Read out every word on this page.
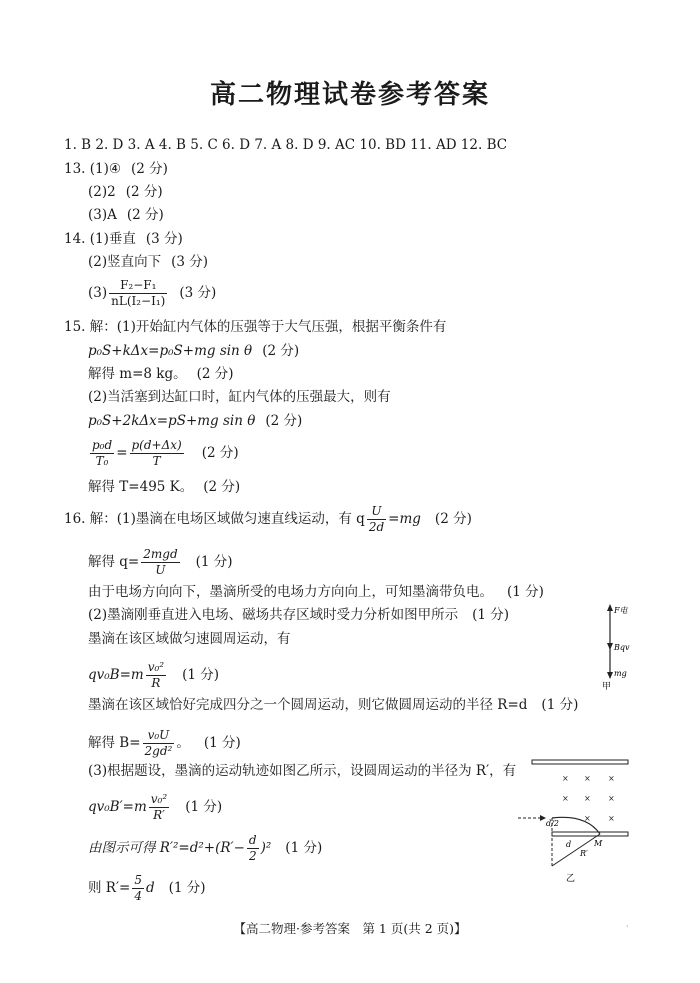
高二物理试卷参考答案
1. B 2. D 3. A 4. B 5. C 6. D 7. A 8. D 9. AC 10. BD 11. AD 12. BC
13. (1)④ (2 分)
(2)2 (2 分)
(3)A (2 分)
14. (1)垂直 (3 分)
(2)竖直向下 (3 分)
$(3) \frac{\text{F₂−F₁}}{\text{nL(I₂−I₁)}} (3$ 分)
15. 解：(1)开始缸内气体的压强等于大气压强，根据平衡条件有
p₀S+kΔx=p₀S+mg sin θ (2 分)
解得 m=8 kg。 (2 分)
(2)当活塞到达缸口时，缸内气体的压强最大，则有
p₀S+2kΔx=pS+mg sin θ (2 分)
$\frac{\text{p₀d}}{\text{T₀}} = \frac{p(d+\Delta x)}{T} (2$ 分)
解得 T=495 K。 (2 分)
16. 解：(1)墨滴在电场区域做匀速直线运动，有 q $\frac{U}{2d} =mg$ (2 分)
解得 $q= \frac{\text{2mgd}}{U} (1$ 分)
由于电场方向向下，墨滴所受的电场力方向向上，可知墨滴带负电。 (1 分)
(2)墨滴刚垂直进入电场、磁场共存区域时受力分析如图甲所示 (1 分)
墨滴在该区域做匀速圆周运动，有
$qv_0B=m \frac{\text{v₀²}}{R} (1$ 分)
墨滴在该区域恰好完成四分之一个圆周运动，则它做圆周运动的半径 R=d (1 分)
解得 $B= \frac{\text{v₀U}}{\text{2gd²}}$ 。 (1 分)
(3)根据题设，墨滴的运动轨迹如图乙所示，设圆周运动的半径为 R′，有
$qv_0B'=m \frac{\text{v₀²}}{R'} (1$ 分)
由图示可得 $R'^2=d^2+(R'- \frac{d}{2} )^2$ (1 分)
则 $R'= \frac{5}{4}$ d (1 分)
F电
Bqv
mg
甲
× × ×
× × ×
× ×
d/2
d
R′
M
乙
【高二物理·参考答案　第 1 页(共 2 页)】	·
